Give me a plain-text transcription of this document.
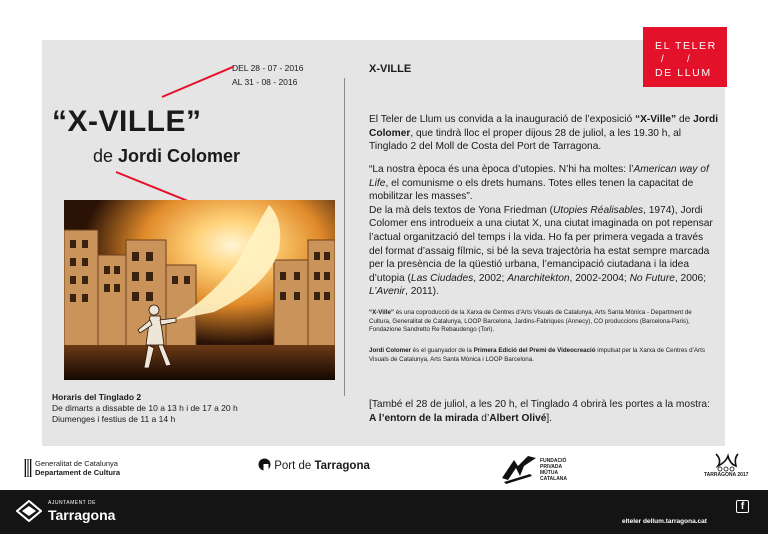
EL TELER
/ /
DE LLUM
DEL 28 - 07 - 2016
AL 31 - 08 - 2016
“X-VILLE”
de Jordi Colomer
Horaris del Tinglado 2
De dimarts a dissabte de 10 a 13 h i de 17 a 20 h
Diumenges i festius de 11 a 14 h
X-VILLE
El Teler de Llum us convida a la inauguració de l’exposició “X-Ville” de Jordi Colomer, que tindrà lloc el proper dijous 28 de juliol, a les 19.30 h, al Tinglado 2 del Moll de Costa del Port de Tarragona.
“La nostra època és una època d’utopies. N’hi ha moltes: l’American way of Life, el comunisme o els drets humans. Totes elles tenen la capacitat de mobilitzar les masses”.
De la mà dels textos de Yona Friedman (Utopies Réalisables, 1974), Jordi Colomer ens introdueix a una ciutat X, una ciutat imaginada on pot repensar l’actual organització del temps i la vida. Ho fa per primera vegada a través del format d’assaig fílmic, si bé la seva trajectòria ha estat sempre marcada per la presència de la qüestió urbana, l’emancipació ciutadana i la idea d’utopia (Las Ciudades, 2002; Anarchitekton, 2002-2004; No Future, 2006; L’Avenir, 2011).
“X-Ville” és una coproducció de la Xarxa de Centres d’Arts Visuals de Catalunya, Arts Santa Mònica - Department de Cultura, Generalitat de Catalunya, LOOP Barcelona, Jardins-Fabriques (Annecy), CO produccions (Barcelona-Paris), Fondazione Sandretto Re Rebaudengo (Tori).
Jordi Colomer és el guanyador de la Primera Edició del Premi de Videocreació impulsat per la Xarxa de Centres d’Arts Visuals de Catalunya, Arts Santa Mònica i LOOP Barcelona.
[També el 28 de juliol, a les 20 h, el Tinglado 4 obrirà les portes a la mostra: A l’entorn de la mirada d’Albert Olivé].
Generalitat de Catalunya
Departament de Cultura
Port de Tarragona	FUNDACIÓ
PRIVADA
MÛTUA
CATALANA
TARRAGONA 2017
AJUNTAMENT DE
Tarragona
f
elteler dellum.tarragona.cat
